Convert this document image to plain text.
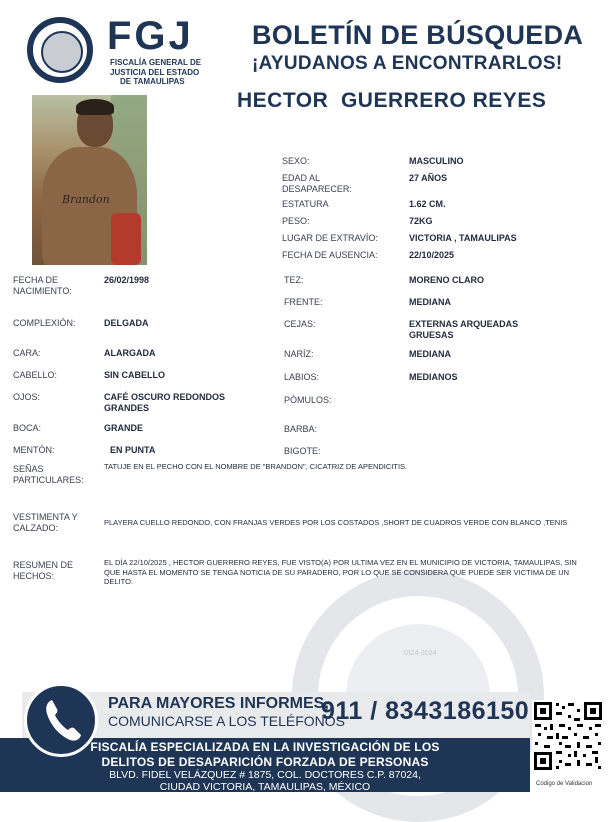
FGJ
FISCALÍA GENERAL DE
JUSTICIA DEL ESTADO
DE TAMAULIPAS
BOLETÍN DE BÚSQUEDA
¡AYUDANOS A ENCONTRARLOS!
HECTOR  GUERRERO REYES
Brandon
1824-2024
SEXO:	MASCULINO
EDAD AL DESAPARECER:
27 AÑOS
ESTATURA	1.62 CM.
PESO:	72KG
LUGAR DE EXTRAVÍO:	VICTORIA , TAMAULIPAS
FECHA DE AUSENCIA:	22/10/2025
FECHA DE NACIMIENTO:
26/02/1998
COMPLEXIÓN:	DELGADA
CARA:	ALARGADA
CABELLO:	SIN CABELLO
OJOS:	CAFÉ OSCURO REDONDOS GRANDES
BOCA:	GRANDE
MENTÓN:	EN PUNTA
TEZ:	MORENO CLARO
FRENTE:	MEDIANA
CEJAS:	EXTERNAS ARQUEADAS GRUESAS
NARÍZ:	MEDIANA
LABIOS:	MEDIANOS
PÓMULOS:
BARBA:
BIGOTE:
SEÑAS PARTICULARES:
TATUJE EN EL PECHO CON EL NOMBRE DE "BRANDON", CICATRIZ DE APENDICITIS.
VESTIMENTA Y CALZADO:
PLAYERA CUELLO REDONDO, CON FRANJAS VERDES POR LOS COSTADOS ,SHORT DE CUADROS VERDE CON BLANCO ,TENIS
RESUMEN DE HECHOS:
EL DÍA 22/10/2025 , HECTOR GUERRERO REYES, FUE VISTO(A) POR ULTIMA VEZ EN EL MUNICIPIO DE VICTORIA, TAMAULIPAS, SIN QUE HASTA EL MOMENTO SE TENGA NOTICIA DE SU PARADERO, POR LO QUE SE CONSIDERA QUE PUEDE SER VICTIMA DE UN DELITO.
PARA MAYORES INFORMES,
COMUNICARSE A LOS TELÉFONOS
911 / 8343186150
FISCALÍA ESPECIALIZADA EN LA INVESTIGACIÓN DE LOS
DELITOS DE DESAPARICIÓN FORZADA DE PERSONAS
BLVD. FIDEL VELÁZQUEZ # 1875, COL. DOCTORES C.P. 87024,
CIUDAD VICTORIA, TAMAULIPAS, MÉXICO	Codigo de Validacion
